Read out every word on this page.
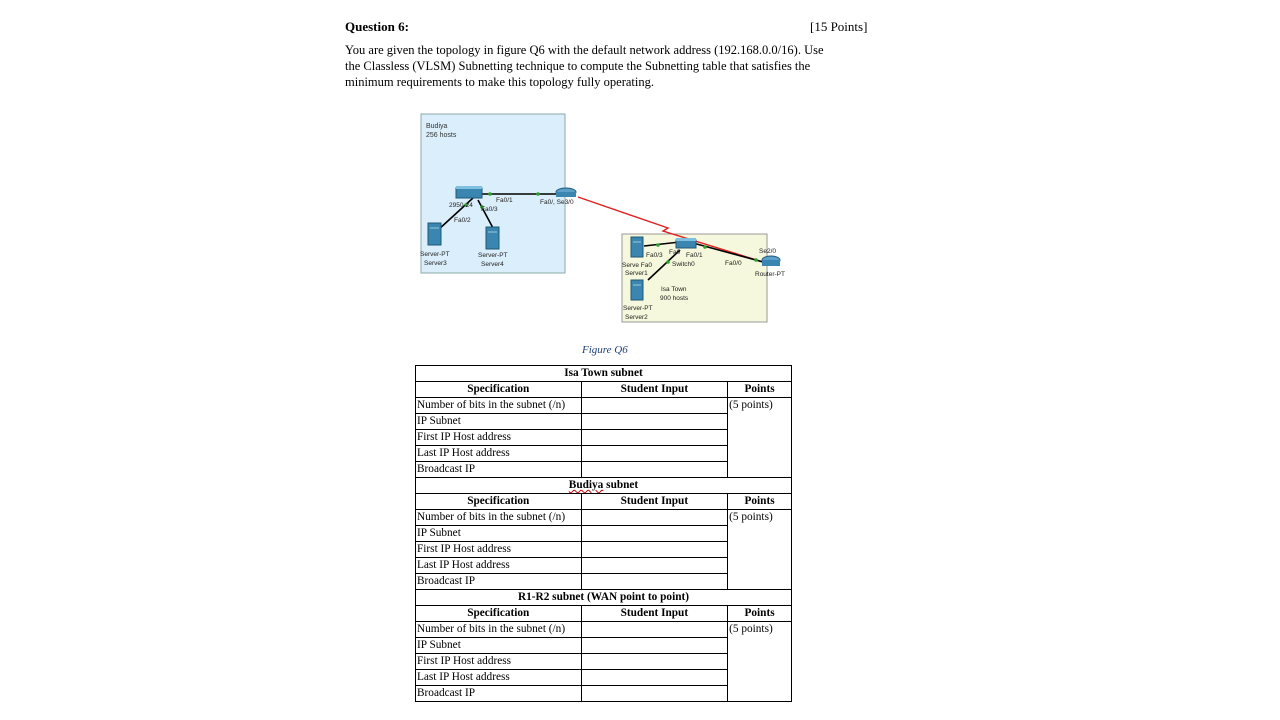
Question 6:	[15 Points]
You are given the topology in figure Q6 with the default network address (192.168.0.0/16). Use the Classless (VLSM) Subnetting technique to compute the Subnetting table that satisfies the minimum requirements to make this topology fully operating.
Budiya
256 hosts
2950-24
Fa0/1
Fa0/3
Fa0/2
Fa0/, Se3/0
Server-PT
Server3
Server-PT
Server4
Fa0/3 Fa0 Fa0/1
Switch0
Serve Fa0
Server1
Isa Town
900 hosts
Server-PT
Server2
Fa0/0
Se2/0
Router-PT
Figure Q6
Isa Town subnet		
Specification	Student Input	Points
Number of bits in the subnet (/n)		(5 points)
IP Subnet		
First IP Host address		
Last IP Host address		
Broadcast IP		
Budiya subnet		
Specification	Student Input	Points
Number of bits in the subnet (/n)		(5 points)
IP Subnet		
First IP Host address		
Last IP Host address		
Broadcast IP		
R1-R2 subnet (WAN point to point)		
Specification	Student Input	Points
Number of bits in the subnet (/n)		(5 points)
IP Subnet		
First IP Host address		
Last IP Host address		
Broadcast IP		
